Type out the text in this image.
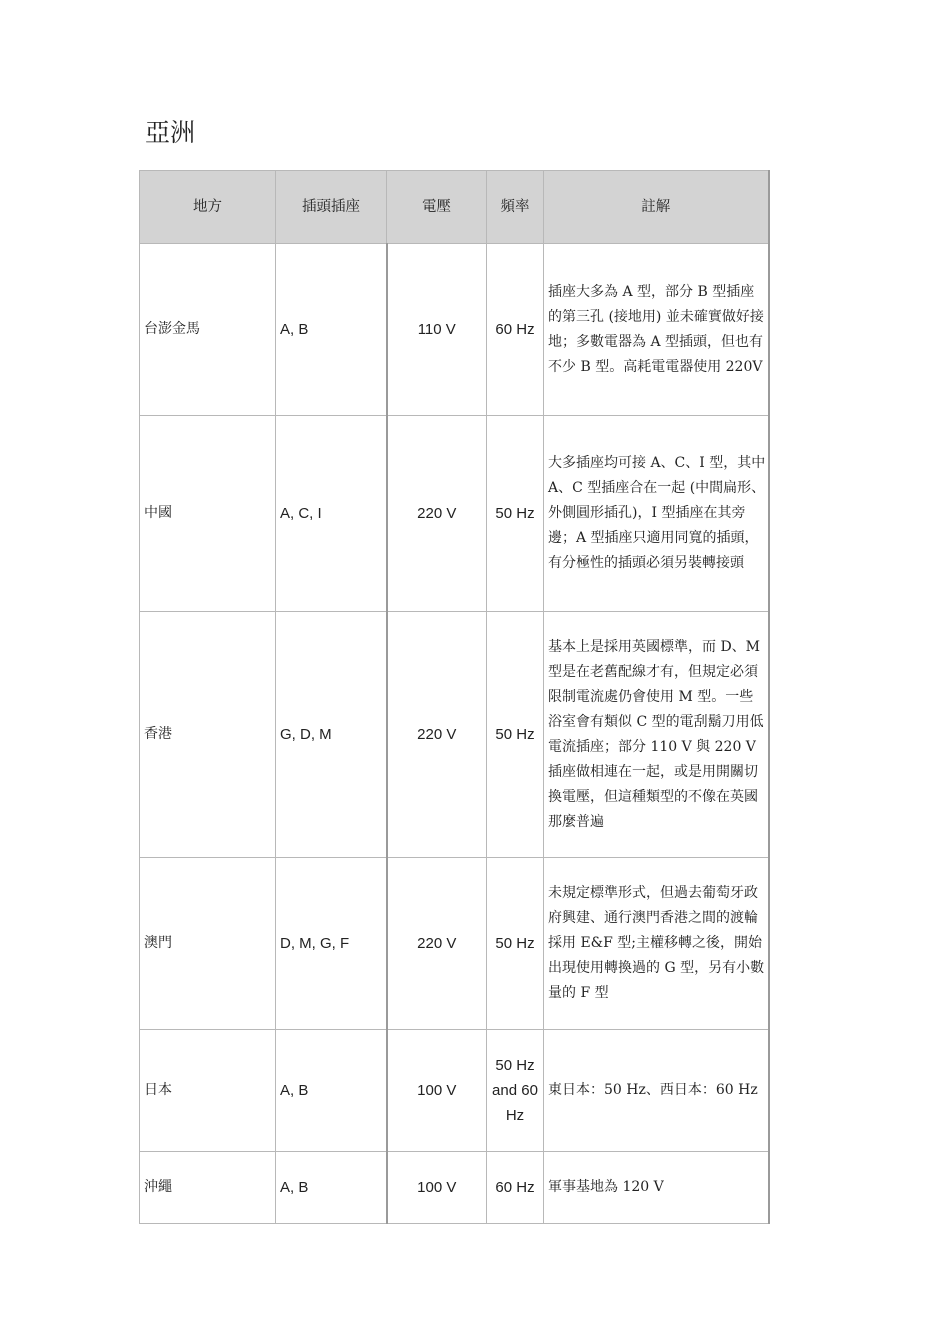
亞洲
地方	插頭插座	電壓	頻率	註解
台澎金馬	A, B	110 V	60 Hz	插座大多為 A 型，部分 B 型插座的第三孔 (接地用) 並未確實做好接地；多數電器為 A 型插頭，但也有不少 B 型。高耗電電器使用 220V
中國	A, C, I	220 V	50 Hz	大多插座均可接 A、C、I 型，其中 A、C 型插座合在一起 (中間扁形、外側圓形插孔)，I 型插座在其旁邊；A 型插座只適用同寬的插頭，有分極性的插頭必須另裝轉接頭
香港	G, D, M	220 V	50 Hz	基本上是採用英國標準，而 D、M 型是在老舊配線才有，但規定必須限制電流處仍會使用 M 型。一些浴室會有類似 C 型的電刮鬍刀用低電流插座；部分 110 V 與 220 V 插座做相連在一起，或是用開關切換電壓，但這種類型的不像在英國那麼普遍
澳門	D, M, G, F	220 V	50 Hz	未規定標準形式，但過去葡萄牙政府興建、通行澳門香港之間的渡輪 採用 E&F 型;主權移轉之後，開始出現使用轉換過的 G 型，另有小數量的 F 型
日本	A, B	100 V	50 Hz and 60 Hz	東日本：50 Hz、西日本：60 Hz
沖繩	A, B	100 V	60 Hz	軍事基地為 120 V
